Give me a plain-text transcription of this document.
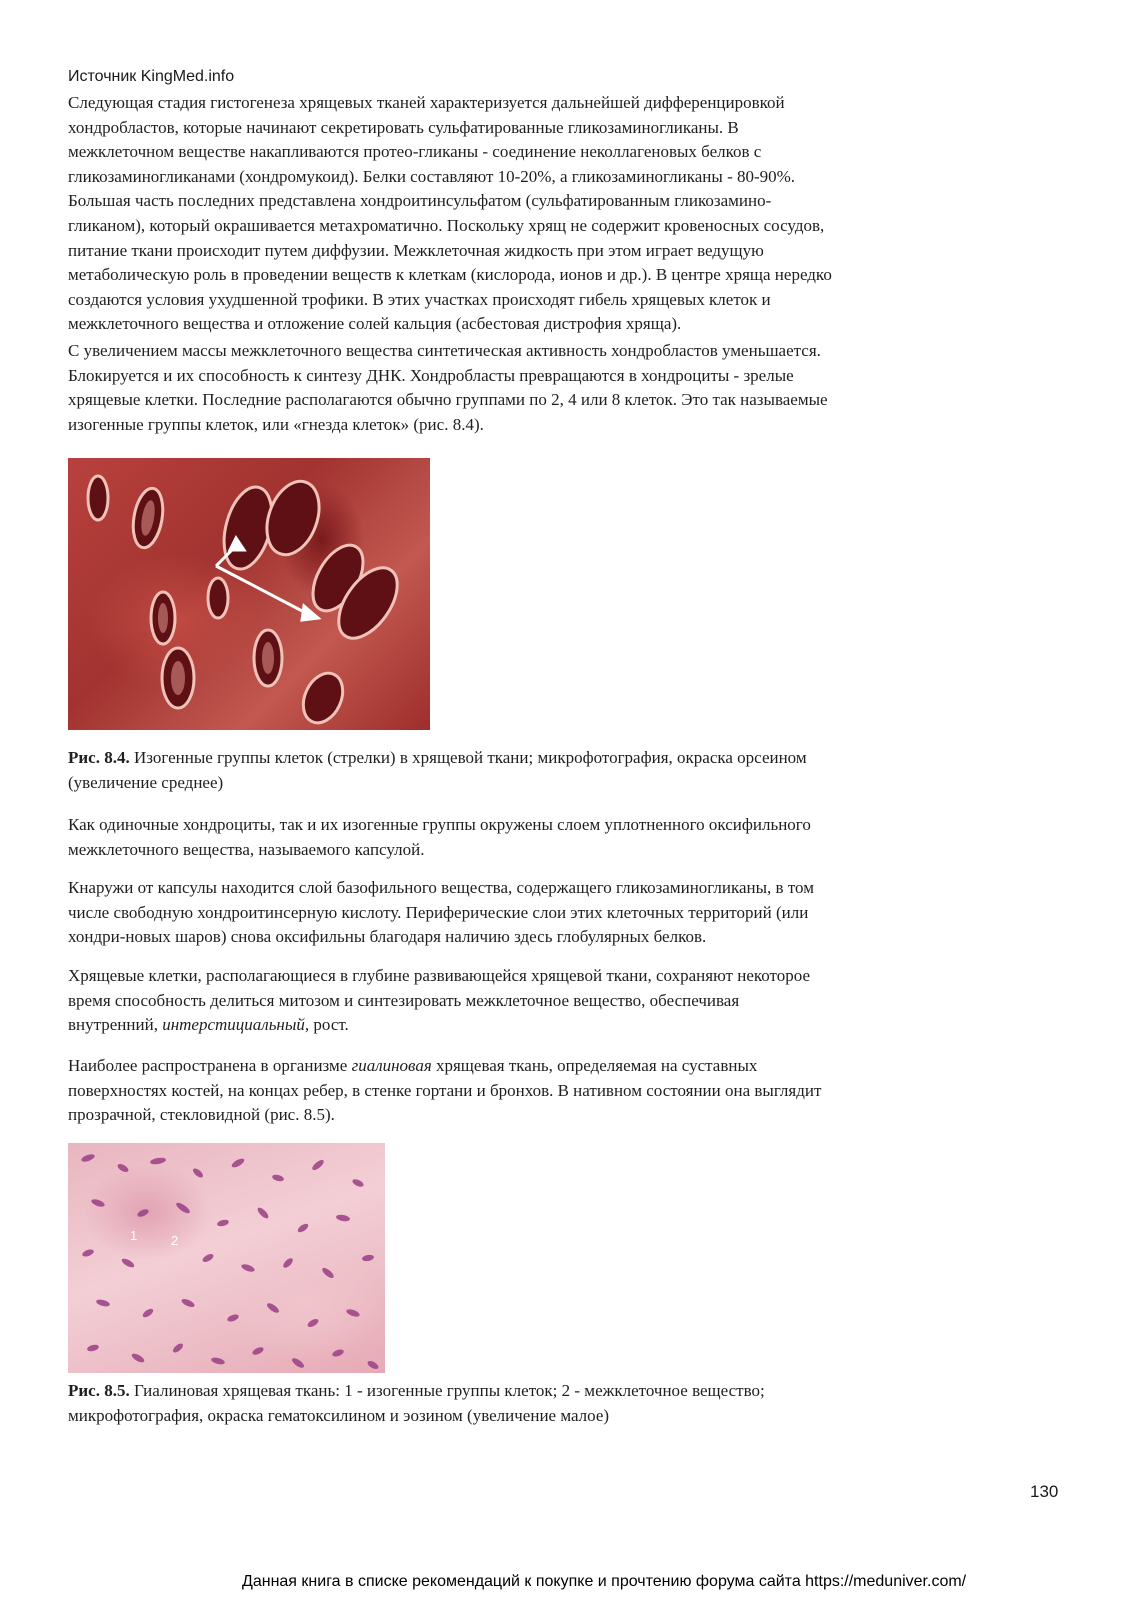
Источник KingMed.info

Следующая стадия гистогенеза хрящевых тканей характеризуется дальнейшей дифференцировкой
хондробластов, которые начинают секретировать сульфатированные гликозаминогликаны. В
межклеточном веществе накапливаются протео-гликаны - соединение неколлагеновых белков с
гликозаминогликанами (хондромукоид). Белки составляют 10-20%, а гликозаминогликаны - 80-90%.
Большая часть последних представлена хондроитинсульфатом (сульфатированным гликозамино-
гликаном), который окрашивается метахроматично. Поскольку хрящ не содержит кровеносных сосудов,
питание ткани происходит путем диффузии. Межклеточная жидкость при этом играет ведущую
метаболическую роль в проведении веществ к клеткам (кислорода, ионов и др.). В центре хряща нередко
создаются условия ухудшенной трофики. В этих участках происходят гибель хрящевых клеток и
межклеточного вещества и отложение солей кальция (асбестовая дистрофия хряща).

С увеличением массы межклеточного вещества синтетическая активность хондробластов уменьшается.
Блокируется и их способность к синтезу ДНК. Хондробласты превращаются в хондроциты - зрелые
хрящевые клетки. Последние располагаются обычно группами по 2, 4 или 8 клеток. Это так называемые
изогенные группы клеток, или «гнезда клеток» (рис. 8.4).

Рис. 8.4. Изогенные группы клеток (стрелки) в хрящевой ткани; микрофотография, окраска орсеином
(увеличение среднее)

Как одиночные хондроциты, так и их изогенные группы окружены слоем уплотненного оксифильного
межклеточного вещества, называемого капсулой.

Кнаружи от капсулы находится слой базофильного вещества, содержащего гликозаминогликаны, в том
числе свободную хондроитинсерную кислоту. Периферические слои этих клеточных территорий (или
хондри-новых шаров) снова оксифильны благодаря наличию здесь глобулярных белков.

Хрящевые клетки, располагающиеся в глубине развивающейся хрящевой ткани, сохраняют некоторое
время способность делиться митозом и синтезировать межклеточное вещество, обеспечивая
внутренний, интерстициальный, рост.

Наиболее распространена в организме гиалиновая хрящевая ткань, определяемая на суставных
поверхностях костей, на концах ребер, в стенке гортани и бронхов. В нативном состоянии она выглядит
прозрачной, стекловидной (рис. 8.5).

1	2

Рис. 8.5. Гиалиновая хрящевая ткань: 1 - изогенные группы клеток; 2 - межклеточное вещество;
микрофотография, окраска гематоксилином и эозином (увеличение малое)

130
Данная книга в списке рекомендаций к покупке и прочтению форума сайта https://meduniver.com/
